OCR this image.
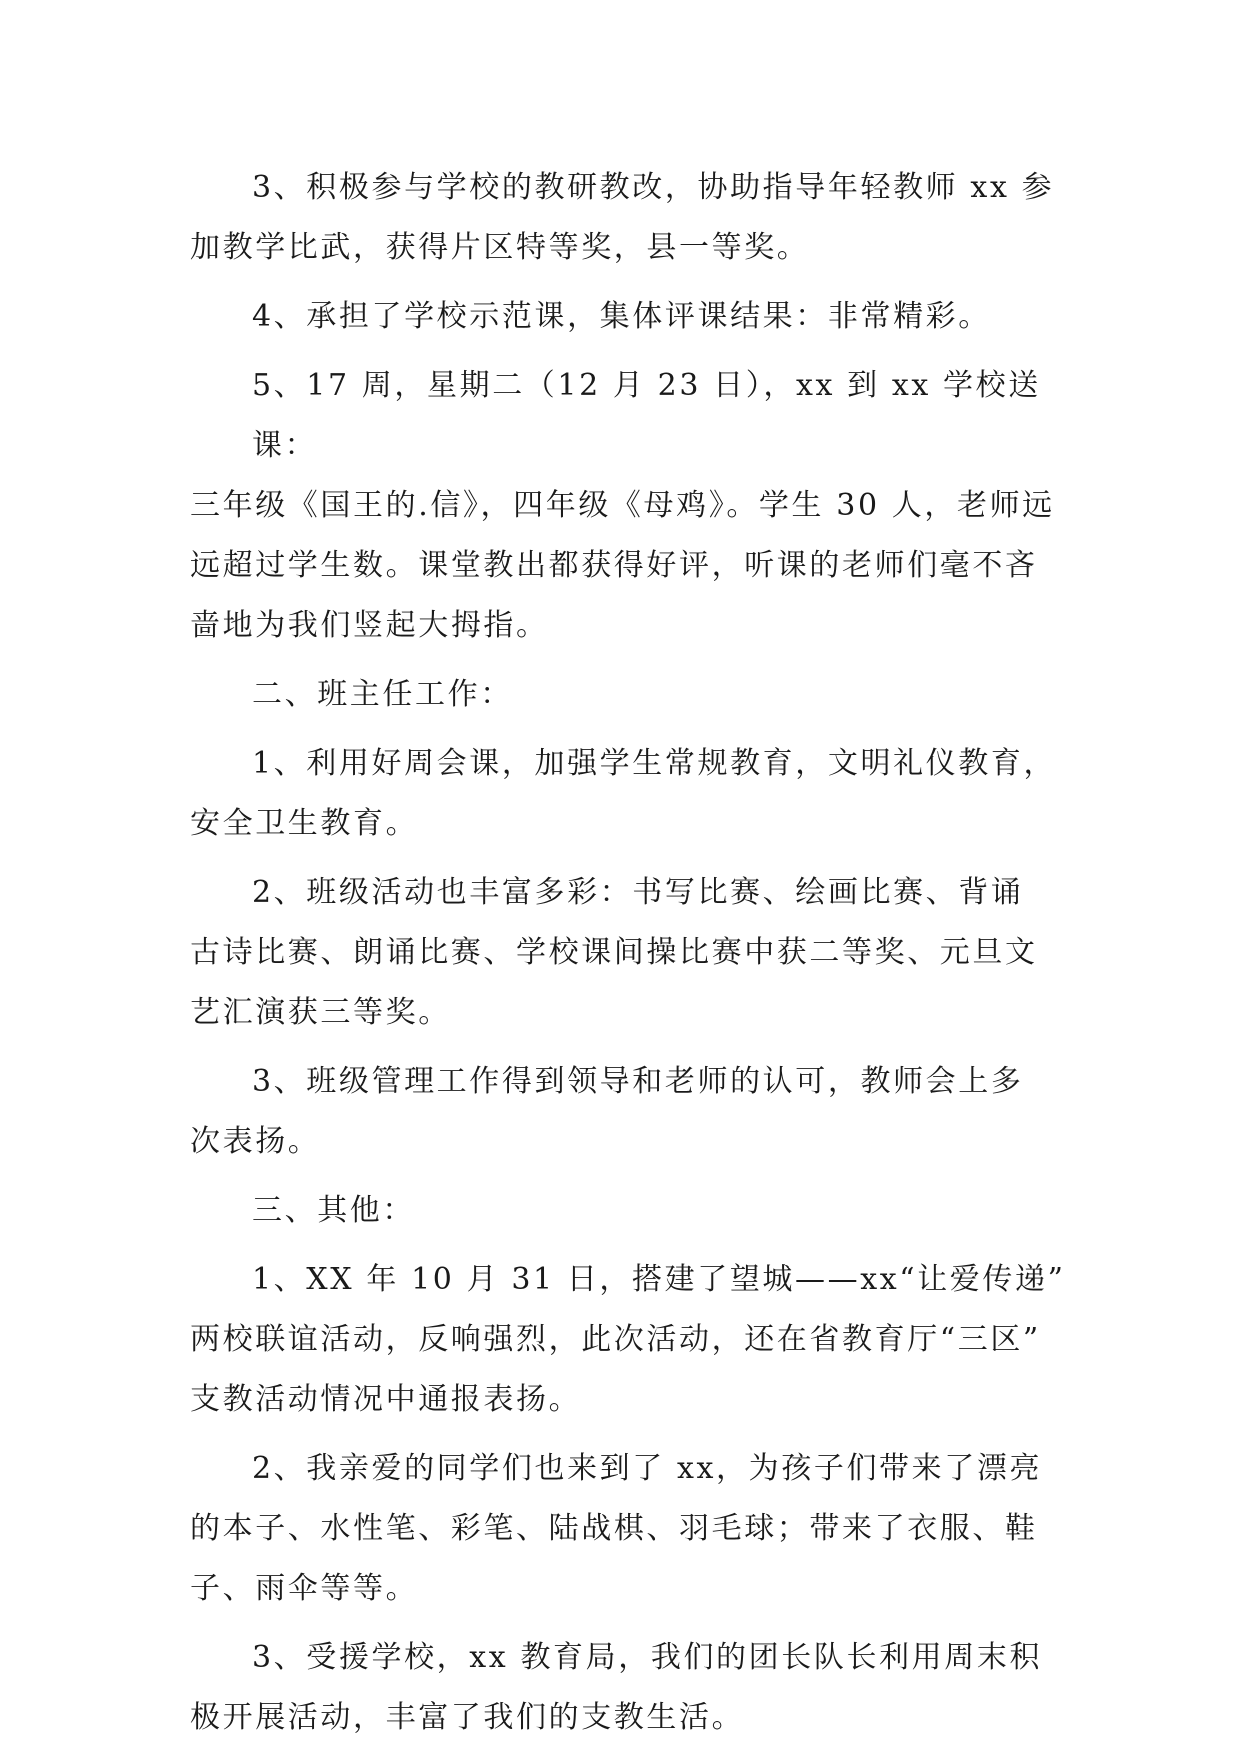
3、积极参与学校的教研教改，协助指导年轻教师 xx 参
加教学比武，获得片区特等奖，县一等奖。

4、承担了学校示范课，集体评课结果：非常精彩。

5、17 周，星期二（12 月 23 日），xx 到 xx 学校送课：
三年级《国王的.信》，四年级《母鸡》。学生 30 人，老师远
远超过学生数。课堂教出都获得好评，听课的老师们毫不吝
啬地为我们竖起大拇指。

二、班主任工作：

1、利用好周会课，加强学生常规教育，文明礼仪教育，
安全卫生教育。

2、班级活动也丰富多彩：书写比赛、绘画比赛、背诵
古诗比赛、朗诵比赛、学校课间操比赛中获二等奖、元旦文
艺汇演获三等奖。

3、班级管理工作得到领导和老师的认可，教师会上多
次表扬。

三、其他：

1、XX 年 10 月 31 日，搭建了望城——xx“让爱传递”
两校联谊活动，反响强烈，此次活动，还在省教育厅“三区”
支教活动情况中通报表扬。

2、我亲爱的同学们也来到了 xx，为孩子们带来了漂亮
的本子、水性笔、彩笔、陆战棋、羽毛球；带来了衣服、鞋
子、雨伞等等。

3、受援学校，xx 教育局，我们的团长队长利用周末积
极开展活动，丰富了我们的支教生活。
